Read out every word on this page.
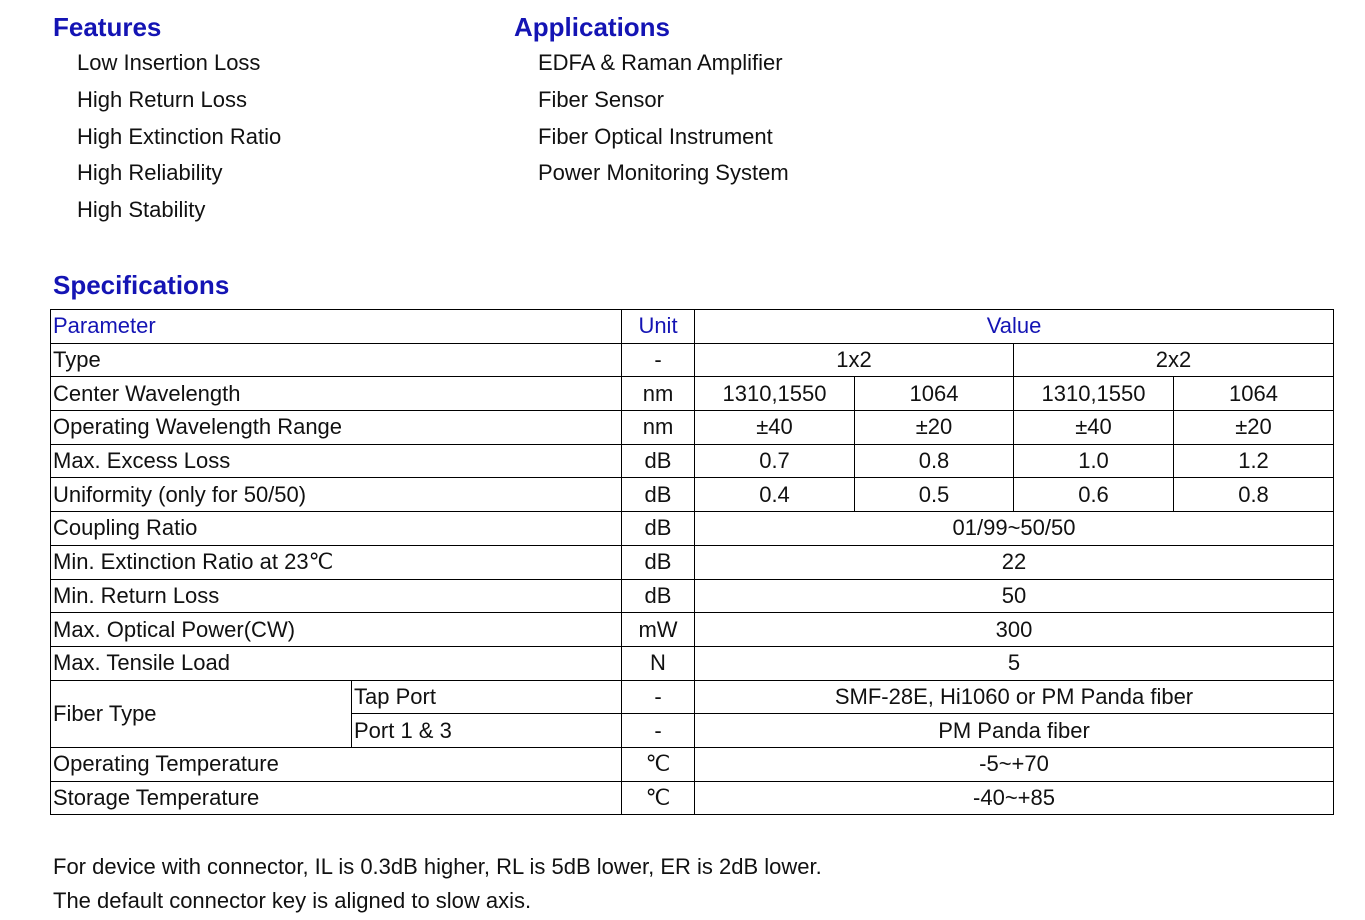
Features
Low Insertion Loss
High Return Loss
High Extinction Ratio
High Reliability
High Stability
Applications
EDFA & Raman Amplifier
Fiber Sensor
Fiber Optical Instrument
Power Monitoring System
Specifications
Parameter		Unit	Value			
Type		-	1x2		2x2	
Center Wavelength		nm	1310,1550	1064	1310,1550	1064
Operating Wavelength Range		nm	±40	±20	±40	±20
Max. Excess Loss		dB	0.7	0.8	1.0	1.2
Uniformity (only for 50/50)		dB	0.4	0.5	0.6	0.8
Coupling Ratio		dB	01/99~50/50			
Min. Extinction Ratio at 23℃		dB	22			
Min. Return Loss		dB	50			
Max. Optical Power(CW)		mW	300			
Max. Tensile Load		N	5			
Fiber Type	Tap Port	-	SMF-28E, Hi1060 or PM Panda fiber			
	Port 1 & 3	-	PM Panda fiber			
Operating Temperature		℃	-5~+70			
Storage Temperature		℃	-40~+85			

For device with connector, IL is 0.3dB higher, RL is 5dB lower, ER is 2dB lower.

The default connector key is aligned to slow axis.
